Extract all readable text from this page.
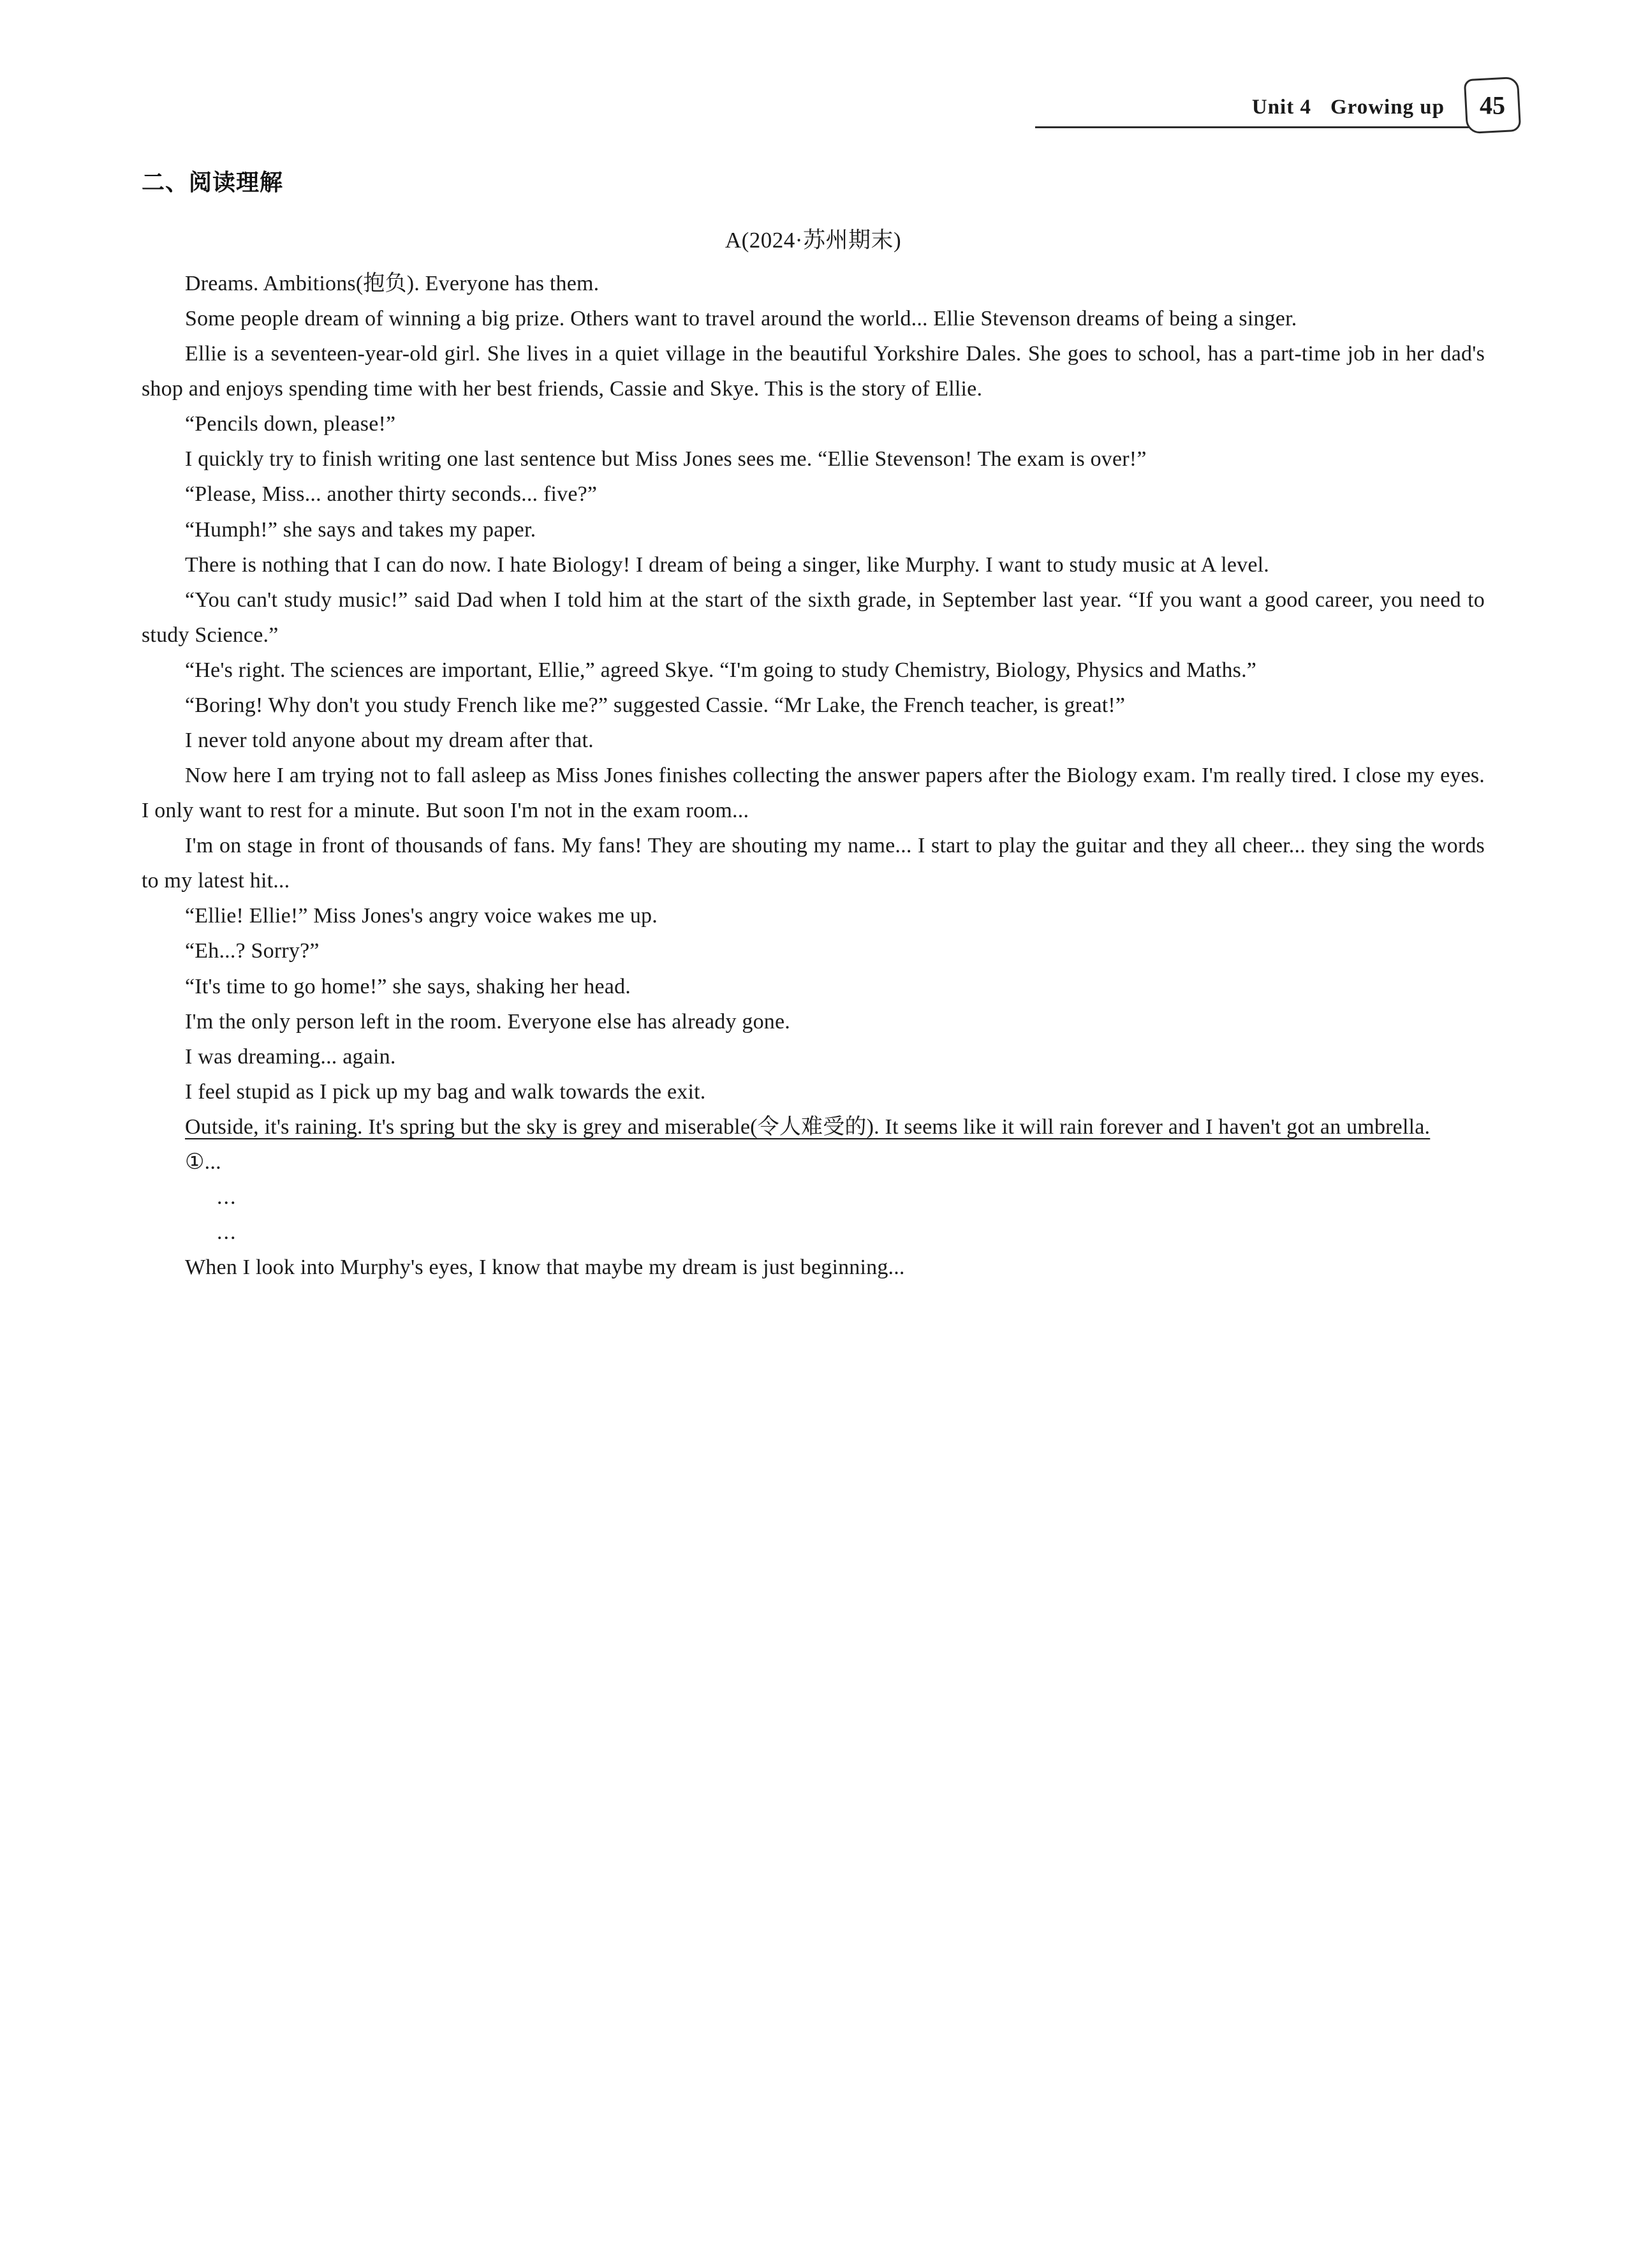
Unit 4 Growing up	45
二、阅读理解
A(2024·苏州期末)

Dreams. Ambitions(抱负). Everyone has them.

Some people dream of winning a big prize. Others want to travel around the world... Ellie Stevenson dreams of being a singer.

Ellie is a seventeen-year-old girl. She lives in a quiet village in the beautiful Yorkshire Dales. She goes to school, has a part-time job in her dad's shop and enjoys spending time with her best friends, Cassie and Skye. This is the story of Ellie.

“Pencils down, please!”

I quickly try to finish writing one last sentence but Miss Jones sees me. “Ellie Stevenson! The exam is over!”

“Please, Miss... another thirty seconds... five?”

“Humph!” she says and takes my paper.

There is nothing that I can do now. I hate Biology! I dream of being a singer, like Murphy. I want to study music at A level.

“You can't study music!” said Dad when I told him at the start of the sixth grade, in September last year. “If you want a good career, you need to study Science.”

“He's right. The sciences are important, Ellie,” agreed Skye. “I'm going to study Chemistry, Biology, Physics and Maths.”

“Boring! Why don't you study French like me?” suggested Cassie. “Mr Lake, the French teacher, is great!”

I never told anyone about my dream after that.

Now here I am trying not to fall asleep as Miss Jones finishes collecting the answer papers after the Biology exam. I'm really tired. I close my eyes. I only want to rest for a minute. But soon I'm not in the exam room...

I'm on stage in front of thousands of fans. My fans! They are shouting my name... I start to play the guitar and they all cheer... they sing the words to my latest hit...

“Ellie! Ellie!” Miss Jones's angry voice wakes me up.

“Eh...? Sorry?”

“It's time to go home!” she says, shaking her head.

I'm the only person left in the room. Everyone else has already gone.

I was dreaming... again.

I feel stupid as I pick up my bag and walk towards the exit.

Outside, it's raining. It's spring but the sky is grey and miserable(令人难受的). It seems like it will rain forever and I haven't got an umbrella.

①...

...

...

When I look into Murphy's eyes, I know that maybe my dream is just beginning...
